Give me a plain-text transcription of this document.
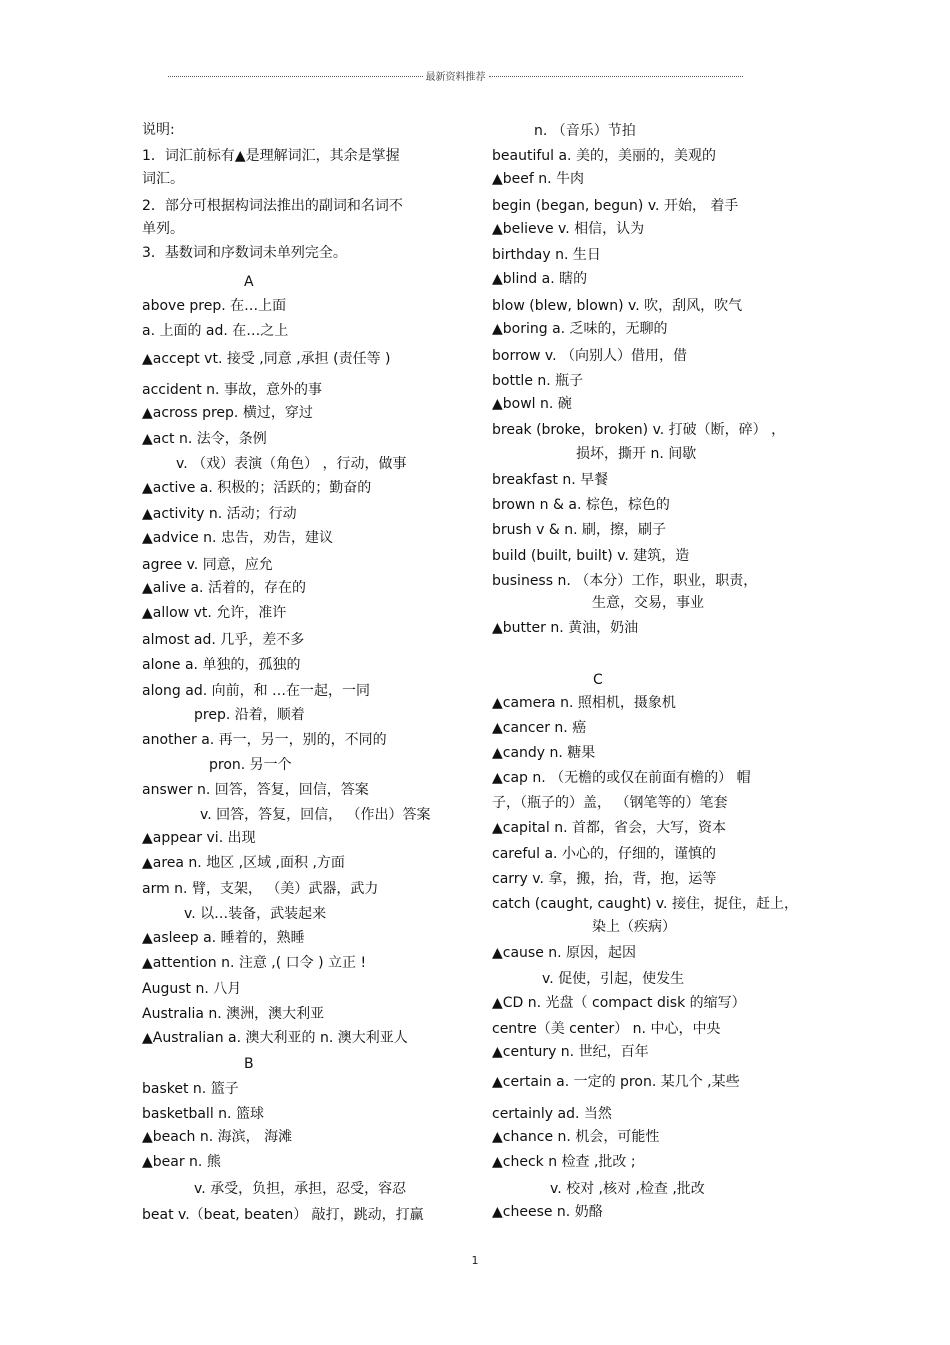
最新资料推荐
说明:
1．词汇前标有▲是理解词汇，其余是掌握
词汇。
2．部分可根据构词法推出的副词和名词不
单列。
3．基数词和序数词未单列完全。
A
above prep. 在…上面
a. 上面的 ad. 在…之上
▲accept vt. 接受 ,同意 ,承担 (责任等 )
accident n. 事故，意外的事
▲across prep. 横过，穿过
▲act n. 法令，条例
v. （戏）表演（角色） ，行动，做事
▲active a. 积极的；活跃的；勤奋的
▲activity n. 活动；行动
▲advice n. 忠告，劝告，建议
agree v. 同意，应允
▲alive a. 活着的，存在的
▲allow vt. 允许，准许
almost ad. 几乎，差不多
alone a. 单独的，孤独的
along ad. 向前，和 …在一起，一同
prep. 沿着，顺着
another a. 再一，另一，别的，不同的
pron. 另一个
answer n. 回答，答复，回信，答案
v. 回答，答复，回信， （作出）答案
▲appear vi. 出现
▲area n. 地区 ,区域 ,面积 ,方面
arm n. 臂，支架， （美）武器，武力
v. 以…装备，武装起来
▲asleep a. 睡着的，熟睡
▲attention n. 注意 ,( 口令 ) 立正 !
August n. 八月
Australia n. 澳洲，澳大利亚
▲Australian a. 澳大利亚的 n. 澳大利亚人
B
basket n. 篮子
basketball n. 篮球
▲beach n. 海滨， 海滩
▲bear n. 熊
v. 承受，负担，承担，忍受，容忍
beat v.（beat, beaten） 敲打，跳动，打赢
n. （音乐）节拍
beautiful a. 美的，美丽的，美观的
▲beef n. 牛肉
begin (began, begun) v. 开始， 着手
▲believe v. 相信，认为
birthday n. 生日
▲blind a. 瞎的
blow (blew, blown) v. 吹，刮风，吹气
▲boring a. 乏味的，无聊的
borrow v. （向别人）借用，借
bottle n. 瓶子
▲bowl n. 碗
break (broke，broken) v. 打破（断，碎） ，
损坏，撕开 n. 间歇
breakfast n. 早餐
brown n & a. 棕色，棕色的
brush v & n. 刷，擦，刷子
build (built, built) v. 建筑，造
business n. （本分）工作，职业，职责，
生意，交易，事业
▲butter n. 黄油，奶油
C
▲camera n. 照相机，摄象机
▲cancer n. 癌
▲candy n. 糖果
▲cap n. （无檐的或仅在前面有檐的） 帽
子，（瓶子的）盖， （钢笔等的）笔套
▲capital n. 首都，省会，大写，资本
careful a. 小心的，仔细的，谨慎的
carry v. 拿，搬，抬，背，抱，运等
catch (caught, caught) v. 接住，捉住，赶上，
染上（疾病）
▲cause n. 原因，起因
v. 促使，引起，使发生
▲CD n. 光盘（ compact disk 的缩写）
centre（美 center） n. 中心，中央
▲century n. 世纪，百年
▲certain a. 一定的 pron. 某几个 ,某些
certainly ad. 当然
▲chance n. 机会，可能性
▲check n 检查 ,批改 ;
v. 校对 ,核对 ,检查 ,批改
▲cheese n. 奶酪
1
